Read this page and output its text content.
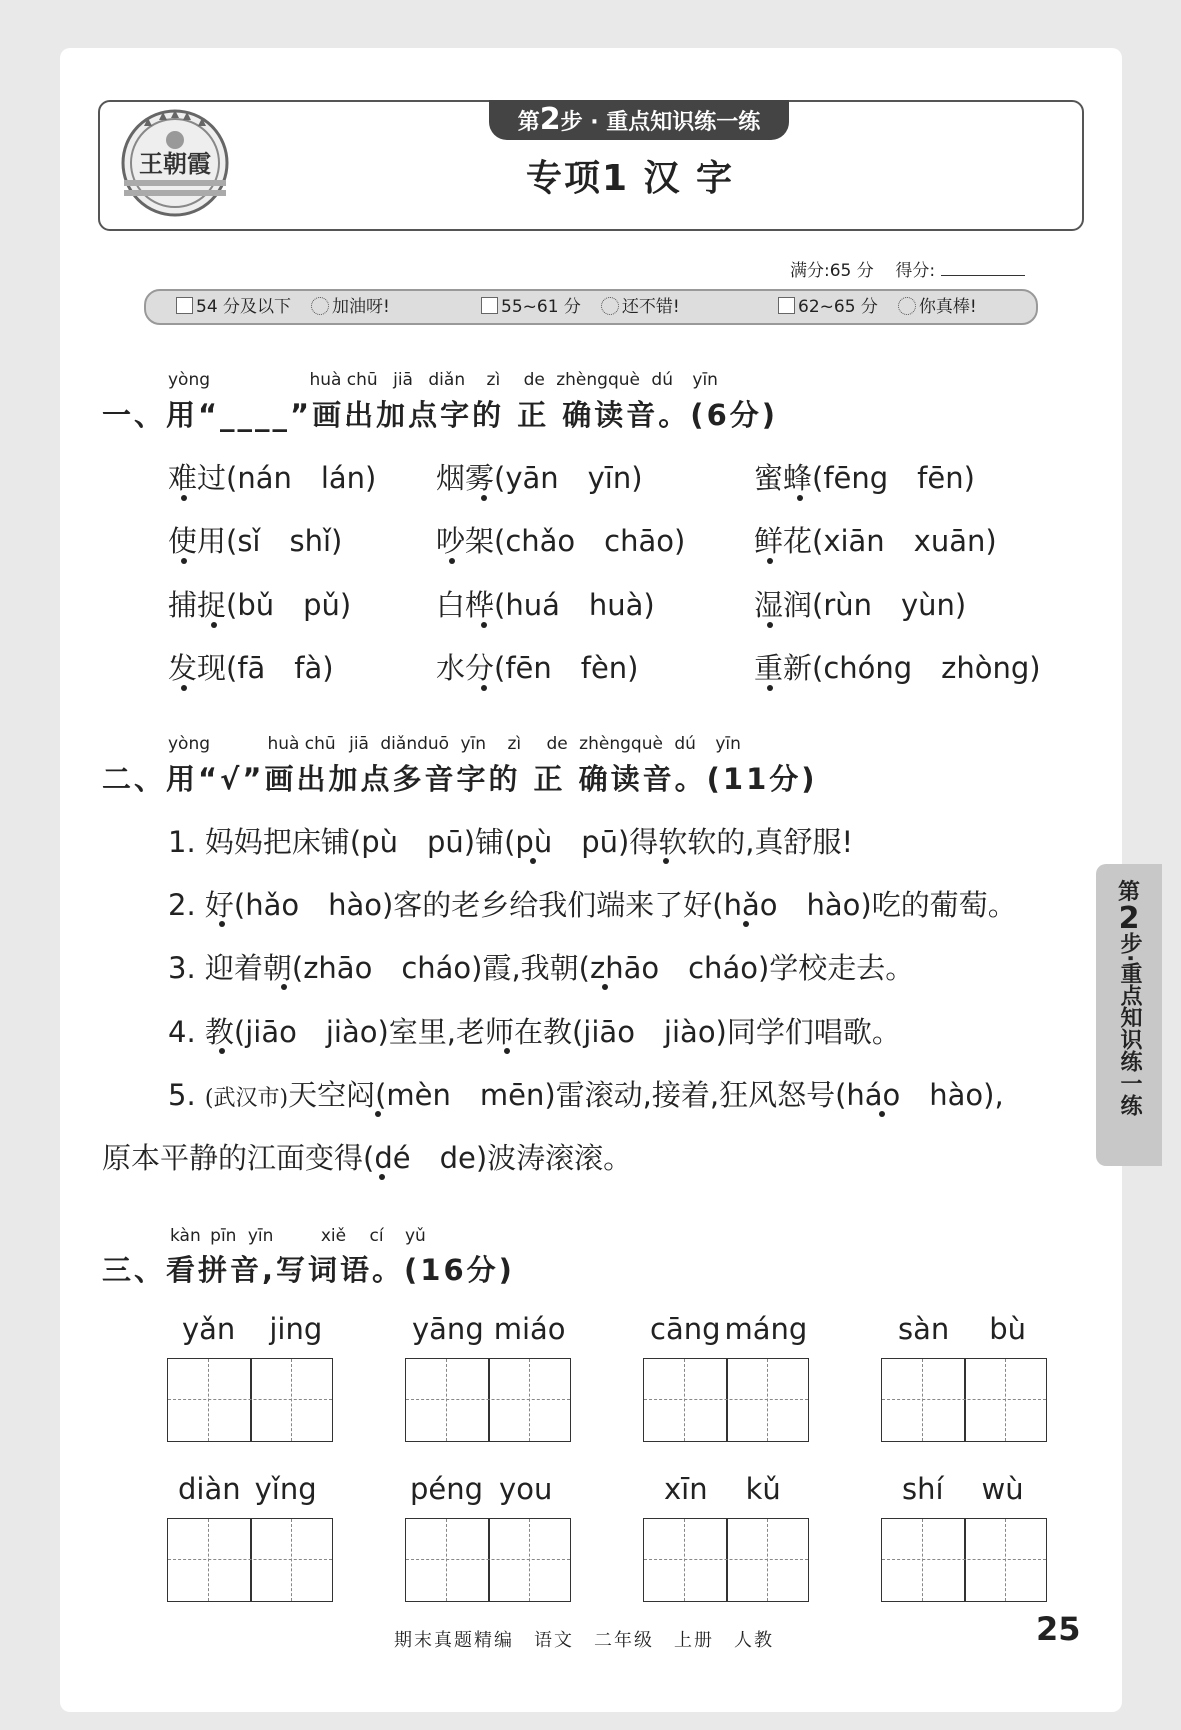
王朝霞
第2步 · 重点知识练一练
专项1 汉 字
满分:65 分 得分:
54 分及以下 加油呀!	55~61 分 还不错!	62~65 分 你真棒!
yòng	huà chū jiā diǎn zì de zhèngquè dú yīn
一、用“____”画出加点字的 正 确读音。(6分)
难过(nán　lán) 烟雾(yān　yīn)	蜜蜂(fēng　fēn)
使用(sǐ　shǐ)	吵架(chǎo　chāo) 鲜花(xiān　xuān)
捕捉(bǔ　pǔ)	白桦(huá　huà)	湿润(rùn　yùn)
发现(fā　fà)	水分(fēn　fèn)	重新(chóng　zhòng)
yòng	huà chū jiā diǎnduō yīn zì de zhèngquè dú yīn
二、用“√”画出加点多音字的 正 确读音。(11分)
1. 妈妈把床铺(pù　pū)铺(pù　pū)得软软的,真舒服!
2. 好(hǎo　hào)客的老乡给我们端来了好(hǎo　hào)吃的葡萄。
3. 迎着朝(zhāo　cháo)霞,我朝(zhāo　cháo)学校走去。
4. 教(jiāo　jiào)室里,老师在教(jiāo　jiào)同学们唱歌。
5. (武汉市)天空闷(mèn　mēn)雷滚动,接着,狂风怒号(háo　hào),
原本平静的江面变得(dé　de)波涛滚滚。
kàn pīn yīn	xiě cí yǔ
三、看拼音,写词语。(16分)
yǎn jing	yāng miáo	cāng máng	sàn bù
diàn yǐng	péng you	xīn kǔ	shí wù
第
2
步·重点知识练一练
期末真题精编　语文　二年级　上册　人教	25
